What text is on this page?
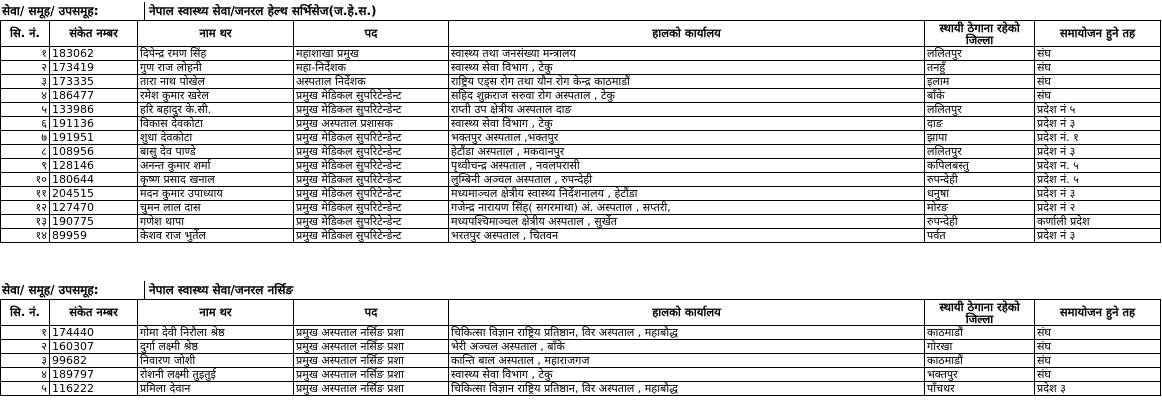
सेवा/ समूह/ उपसमूह:	नेपाल स्वास्थ्य सेवा/जनरल हेल्थ सर्भिसेज(ज.हे.स.)
सि. नं.	संकेत नम्बर	नाम थर	पद	हालको कार्यालय	स्थायी ठेगाना रहेको जिल्ला	समायोजन हुने तह
१	183062	दिपेन्द्र रमण सिंह	महाशाखा प्रमुख	स्वास्थ्य तथा जनसंख्या मन्त्रालय	ललितपुर	संघ
२	173419	गुण राज लोहनी	महा-निर्देशक	स्वास्थ्य सेवा विभाग , टेकु	तनहुँ	संघ
३	173335	तारा नाथ पोखेल	अस्पताल निर्देशक	राष्ट्रिय एड्स रोग तथा यौन रोग केन्द्र काठमाडौं	इलाम	संघ
४	186477	रमेश कुमार खरेल	प्रमुख मेडिकल सुपरिटेन्डेन्ट	सहिद शुक्रराज सरुवा रोग अस्पताल , टेकु	बाँके	संघ
५	133986	हरि बहादुर के.सी.	प्रमुख मेडिकल सुपरिटेन्डेन्ट	राप्ती उप क्षेत्रीय अस्पताल दाङ	ललितपुर	प्रदेश नं ५
६	191136	विकास देवकोटा	प्रमुख अस्पताल प्रशासक	स्वास्थ्य सेवा विभाग , टेकु	दाङ	प्रदेश नं ३
७	191951	शुधा देवकोटा	प्रमुख मेडिकल सुपरिटेन्डेन्ट	भक्तपुर अस्पताल ,भक्तपुर	झापा	प्रदेश नं. १
८	108956	बासु देव पाण्डे	प्रमुख मेडिकल सुपरिटेन्डेन्ट	हेटौंडा अस्पताल , मकवानपुर	ललितपुर	प्रदेश नं ३
९	128146	अनन्त कुमार शर्मा	प्रमुख मेडिकल सुपरिटेन्डेन्ट	पृथ्वीचन्द्र अस्पताल , नवलपरासी	कपिलबस्तु	प्रदेश न. ५
१०	180644	कृष्ण प्रसाद खनाल	प्रमुख मेडिकल सुपरिटेन्डेन्ट	लुम्बिनी अञ्चल अस्पताल , रुपन्देही	रुपन्देही	प्रदेश नं. ५
११	204515	मदन कुमार उपाध्याय	प्रमुख मेडिकल सुपरिटेन्डेन्ट	मध्यमाञ्चल क्षेत्रीय स्वास्थ्य निर्देशनालय , हेटौंडा	धनुषा	प्रदेश नं ३
१२	127470	चुमन लाल दास	प्रमुख मेडिकल सुपरिटेन्डेन्ट	गजेन्द्र नारायण सिंह( सगरमाथा) अं. अस्पताल , सप्तरी,	मोरङ	प्रदेश नं २
१३	190775	गणेश थापा	प्रमुख मेडिकल सुपरिटेन्डेन्ट	मध्यपश्चिमाञ्चल क्षेत्रीय अस्पताल , सुर्खेत	रुपन्देही	कर्णाली प्रदेश
१४	89959	केशव राज भुर्तेल	प्रमुख मेडिकल सुपरिटेन्डेन्ट	भरतपुर अस्पताल , चितवन	पर्वत	प्रदेश नं ३
सेवा/ समूह/ उपसमूह:	नेपाल स्वास्थ्य सेवा/जनरल नर्सिङ
सि. नं.	संकेत नम्बर	नाम थर	पद	हालको कार्यालय	स्थायी ठेगाना रहेको जिल्ला	समायोजन हुने तह
१	174440	गोमा देवी निरौला श्रेष्ठ	प्रमुख अस्पताल नर्सिङ प्रशा	चिकित्सा विज्ञान राष्ट्रिय प्रतिष्ठान, विर अस्पताल , महाबौद्ध	काठमाडौं	संघ
२	160307	दुर्गा लक्ष्मी श्रेष्ठ	प्रमुख अस्पताल नर्सिङ प्रशा	भेरी अञ्चल अस्पताल , बाँके	गोरखा	संघ
३	99682	निवारण जोशी	प्रमुख अस्पताल नर्सिङ प्रशा	कान्ति बाल अस्पताल , महाराजगज	काठमाडौं	संघ
४	189797	रोशनी लक्ष्मी तुइतुई	प्रमुख अस्पताल नर्सिङ प्रशा	स्वास्थ्य सेवा विभाग , टेकु	भक्तपुर	संघ
५	116222	प्रमिला देवान	प्रमुख अस्पताल नर्सिङ प्रशा	चिकित्सा विज्ञान राष्ट्रिय प्रतिष्ठान, विर अस्पताल , महाबौद्ध	पाँचथर	प्रदेश ३
